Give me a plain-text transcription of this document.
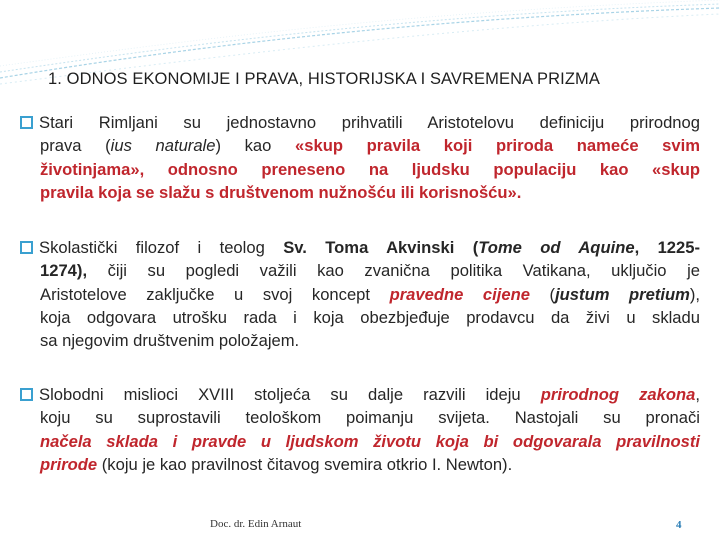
1. ODNOS EKONOMIJE I PRAVA, HISTORIJSKA I SAVREMENA PRIZMA
Stari Rimljani su jednostavno prihvatili Aristotelovu definiciju prirodnog
prava (ius naturale) kao «skup pravila koji priroda nameće svim
životinjama», odnosno preneseno na ljudsku populaciju kao «skup
pravila koja se slažu s društvenom nužnošću ili korisnošću».
Skolastički filozof i teolog Sv. Toma Akvinski (Tome od Aquine, 1225-
1274), čiji su pogledi važili kao zvanična politika Vatikana, uključio je
Aristotelove zaključke u svoj koncept pravedne cijene (justum pretium),
koja odgovara utrošku rada i koja obezbjeđuje prodavcu da živi u skladu
sa njegovim društvenim položajem.
Slobodni mislioci XVIII stoljeća su dalje razvili ideju prirodnog zakona,
koju su suprostavili teološkom poimanju svijeta. Nastojali su pronači
načela sklada i pravde u ljudskom životu koja bi odgovarala pravilnosti
prirode (koju je kao pravilnost čitavog svemira otkrio I. Newton).
Doc. dr. Edin Arnaut	4
